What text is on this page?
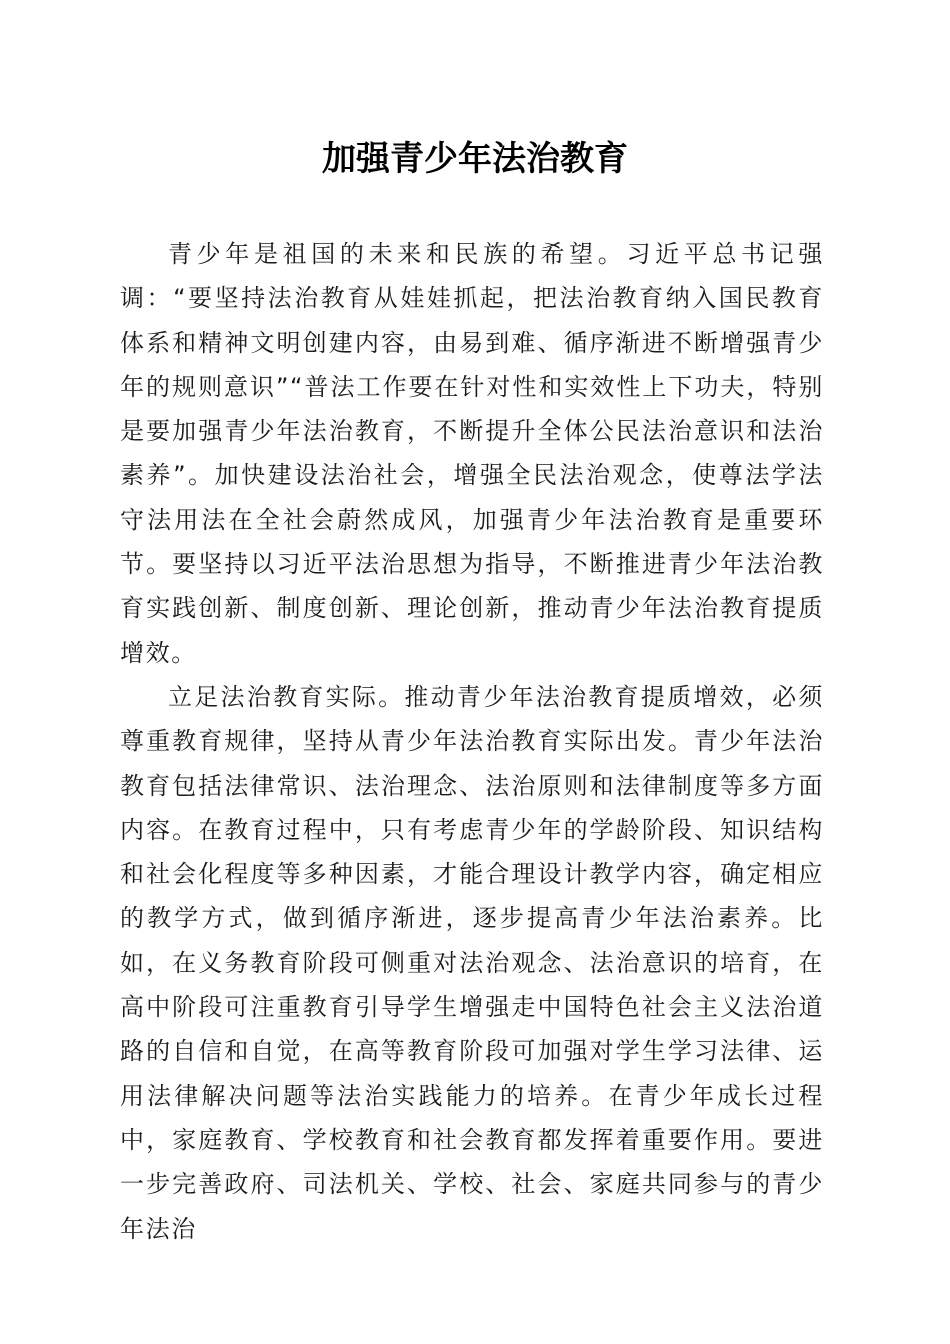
加强青少年法治教育

青少年是祖国的未来和民族的希望。习近平总书记强调：“要坚持法治教育从娃娃抓起，把法治教育纳入国民教育体系和精神文明创建内容，由易到难、循序渐进不断增强青少年的规则意识”“普法工作要在针对性和实效性上下功夫，特别是要加强青少年法治教育，不断提升全体公民法治意识和法治素养”。加快建设法治社会，增强全民法治观念，使尊法学法守法用法在全社会蔚然成风，加强青少年法治教育是重要环节。要坚持以习近平法治思想为指导，不断推进青少年法治教育实践创新、制度创新、理论创新，推动青少年法治教育提质增效。

立足法治教育实际。推动青少年法治教育提质增效，必须尊重教育规律，坚持从青少年法治教育实际出发。青少年法治教育包括法律常识、法治理念、法治原则和法律制度等多方面内容。在教育过程中，只有考虑青少年的学龄阶段、知识结构和社会化程度等多种因素，才能合理设计教学内容，确定相应的教学方式，做到循序渐进，逐步提高青少年法治素养。比如，在义务教育阶段可侧重对法治观念、法治意识的培育，在高中阶段可注重教育引导学生增强走中国特色社会主义法治道路的自信和自觉，在高等教育阶段可加强对学生学习法律、运用法律解决问题等法治实践能力的培养。在青少年成长过程中，家庭教育、学校教育和社会教育都发挥着重要作用。要进一步完善政府、司法机关、学校、社会、家庭共同参与的青少年法治
